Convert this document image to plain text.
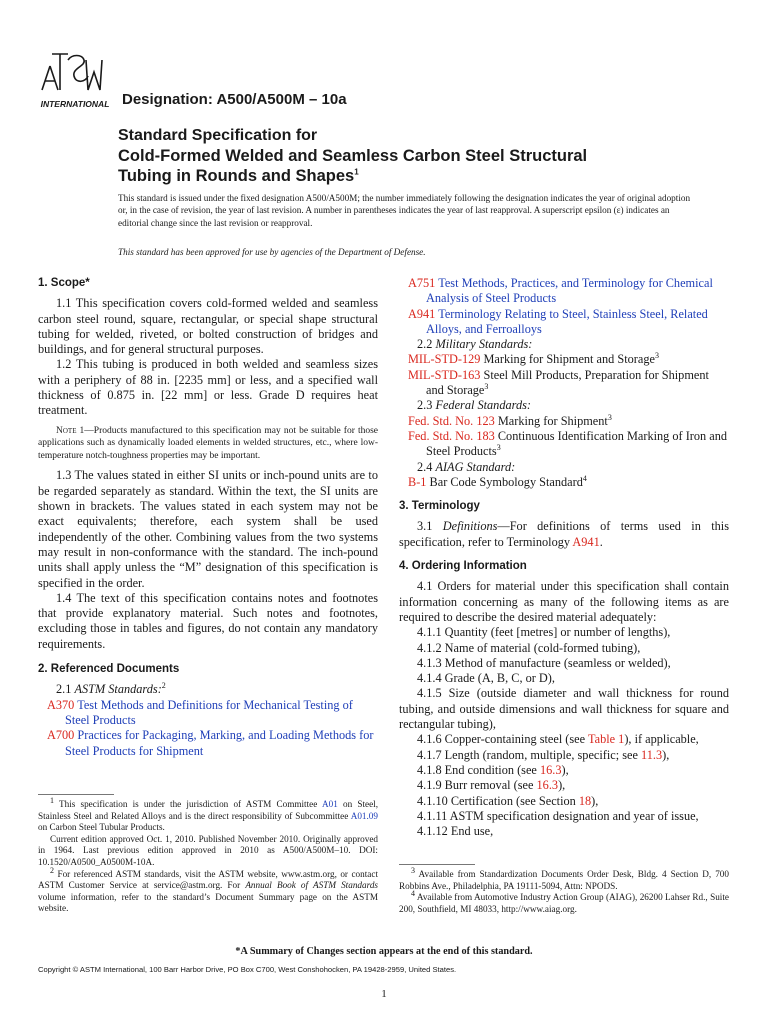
INTERNATIONAL Designation: A500/A500M – 10a
Standard Specification for
Cold-Formed Welded and Seamless Carbon Steel Structural
Tubing in Rounds and Shapes$^1$
This standard is issued under the fixed designation A500/A500M; the number immediately following the designation indicates the year of original adoption or, in the case of revision, the year of last revision. A number in parentheses indicates the year of last reapproval. A superscript epsilon (ε) indicates an editorial change since the last revision or reapproval.
This standard has been approved for use by agencies of the Department of Defense.
1. Scope*

1.1 This specification covers cold-formed welded and seamless carbon steel round, square, rectangular, or special shape structural tubing for welded, riveted, or bolted construction of bridges and buildings, and for general structural purposes.

1.2 This tubing is produced in both welded and seamless sizes with a periphery of 88 in. [2235 mm] or less, and a specified wall thickness of 0.875 in. [22 mm] or less. Grade D requires heat treatment.

Note 1—Products manufactured to this specification may not be suitable for those applications such as dynamically loaded elements in welded structures, etc., where low-temperature notch-toughness properties may be important.

1.3 The values stated in either SI units or inch-pound units are to be regarded separately as standard. Within the text, the SI units are shown in brackets. The values stated in each system may not be exact equivalents; therefore, each system shall be used independently of the other. Combining values from the two systems may result in non-conformance with the standard. The inch-pound units shall apply unless the “M” designation of this specification is specified in the order.

1.4 The text of this specification contains notes and footnotes that provide explanatory material. Such notes and footnotes, excluding those in tables and figures, do not contain any mandatory requirements.

2. Referenced Documents

2.1 ASTM Standards:$^2$

A370 Test Methods and Definitions for Mechanical Testing of Steel Products

A700 Practices for Packaging, Marking, and Loading Methods for Steel Products for Shipment

A751 Test Methods, Practices, and Terminology for Chemical Analysis of Steel Products

A941 Terminology Relating to Steel, Stainless Steel, Related Alloys, and Ferroalloys

2.2 Military Standards:

MIL-STD-129 Marking for Shipment and Storage$^3$

MIL-STD-163 Steel Mill Products, Preparation for Shipment and Storage$^3$

2.3 Federal Standards:

Fed. Std. No. 123 Marking for Shipment$^3$

Fed. Std. No. 183 Continuous Identification Marking of Iron and Steel Products$^3$

2.4 AIAG Standard:

B-1 Bar Code Symbology Standard$^4$

3. Terminology

3.1 Definitions—For definitions of terms used in this specification, refer to Terminology A941.

4. Ordering Information

4.1 Orders for material under this specification shall contain information concerning as many of the following items as are required to describe the desired material adequately:

4.1.1 Quantity (feet [metres] or number of lengths),

4.1.2 Name of material (cold-formed tubing),

4.1.3 Method of manufacture (seamless or welded),

4.1.4 Grade (A, B, C, or D),

4.1.5 Size (outside diameter and wall thickness for round tubing, and outside dimensions and wall thickness for square and rectangular tubing),

4.1.6 Copper-containing steel (see Table 1), if applicable,

4.1.7 Length (random, multiple, specific; see 11.3),

4.1.8 End condition (see 16.3),

4.1.9 Burr removal (see 16.3),

4.1.10 Certification (see Section 18),

4.1.11 ASTM specification designation and year of issue,

4.1.12 End use,

$^1$ This specification is under the jurisdiction of ASTM Committee A01 on Steel, Stainless Steel and Related Alloys and is the direct responsibility of Subcommittee A01.09 on Carbon Steel Tubular Products.

Current edition approved Oct. 1, 2010. Published November 2010. Originally approved in 1964. Last previous edition approved in 2010 as A500/A500M–10. DOI: 10.1520/A0500_A0500M-10A.

$^2$ For referenced ASTM standards, visit the ASTM website, www.astm.org, or contact ASTM Customer Service at service@astm.org. For Annual Book of ASTM Standards volume information, refer to the standard’s Document Summary page on the ASTM website.

$^3$ Available from Standardization Documents Order Desk, Bldg. 4 Section D, 700 Robbins Ave., Philadelphia, PA 19111-5094, Attn: NPODS.

$^4$ Available from Automotive Industry Action Group (AIAG), 26200 Lahser Rd., Suite 200, Southfield, MI 48033, http://www.aiag.org.

*A Summary of Changes section appears at the end of this standard.
Copyright © ASTM International, 100 Barr Harbor Drive, PO Box C700, West Conshohocken, PA 19428-2959, United States.
1
